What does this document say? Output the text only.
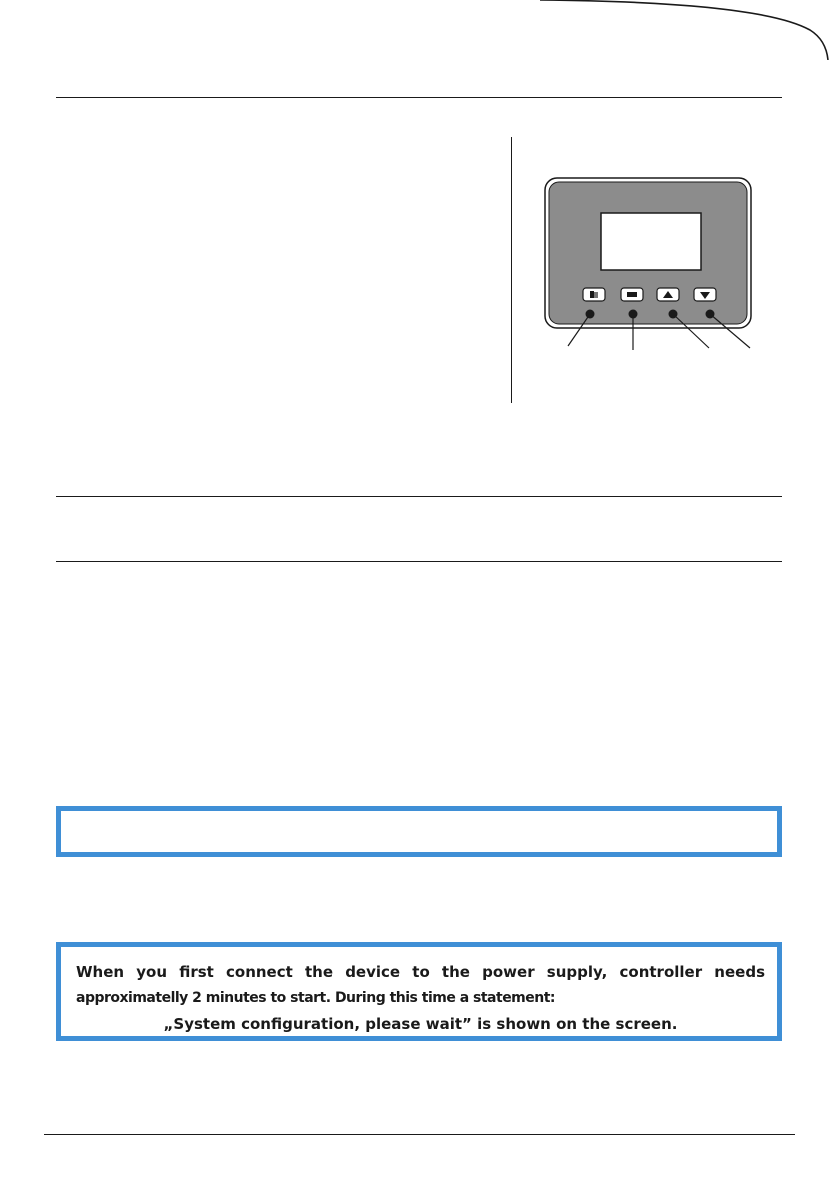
When you first connect the device to the power supply, controller needs
approximatelly 2 minutes to start. During this time a statement:
„System configuration, please wait” is shown on the screen.
